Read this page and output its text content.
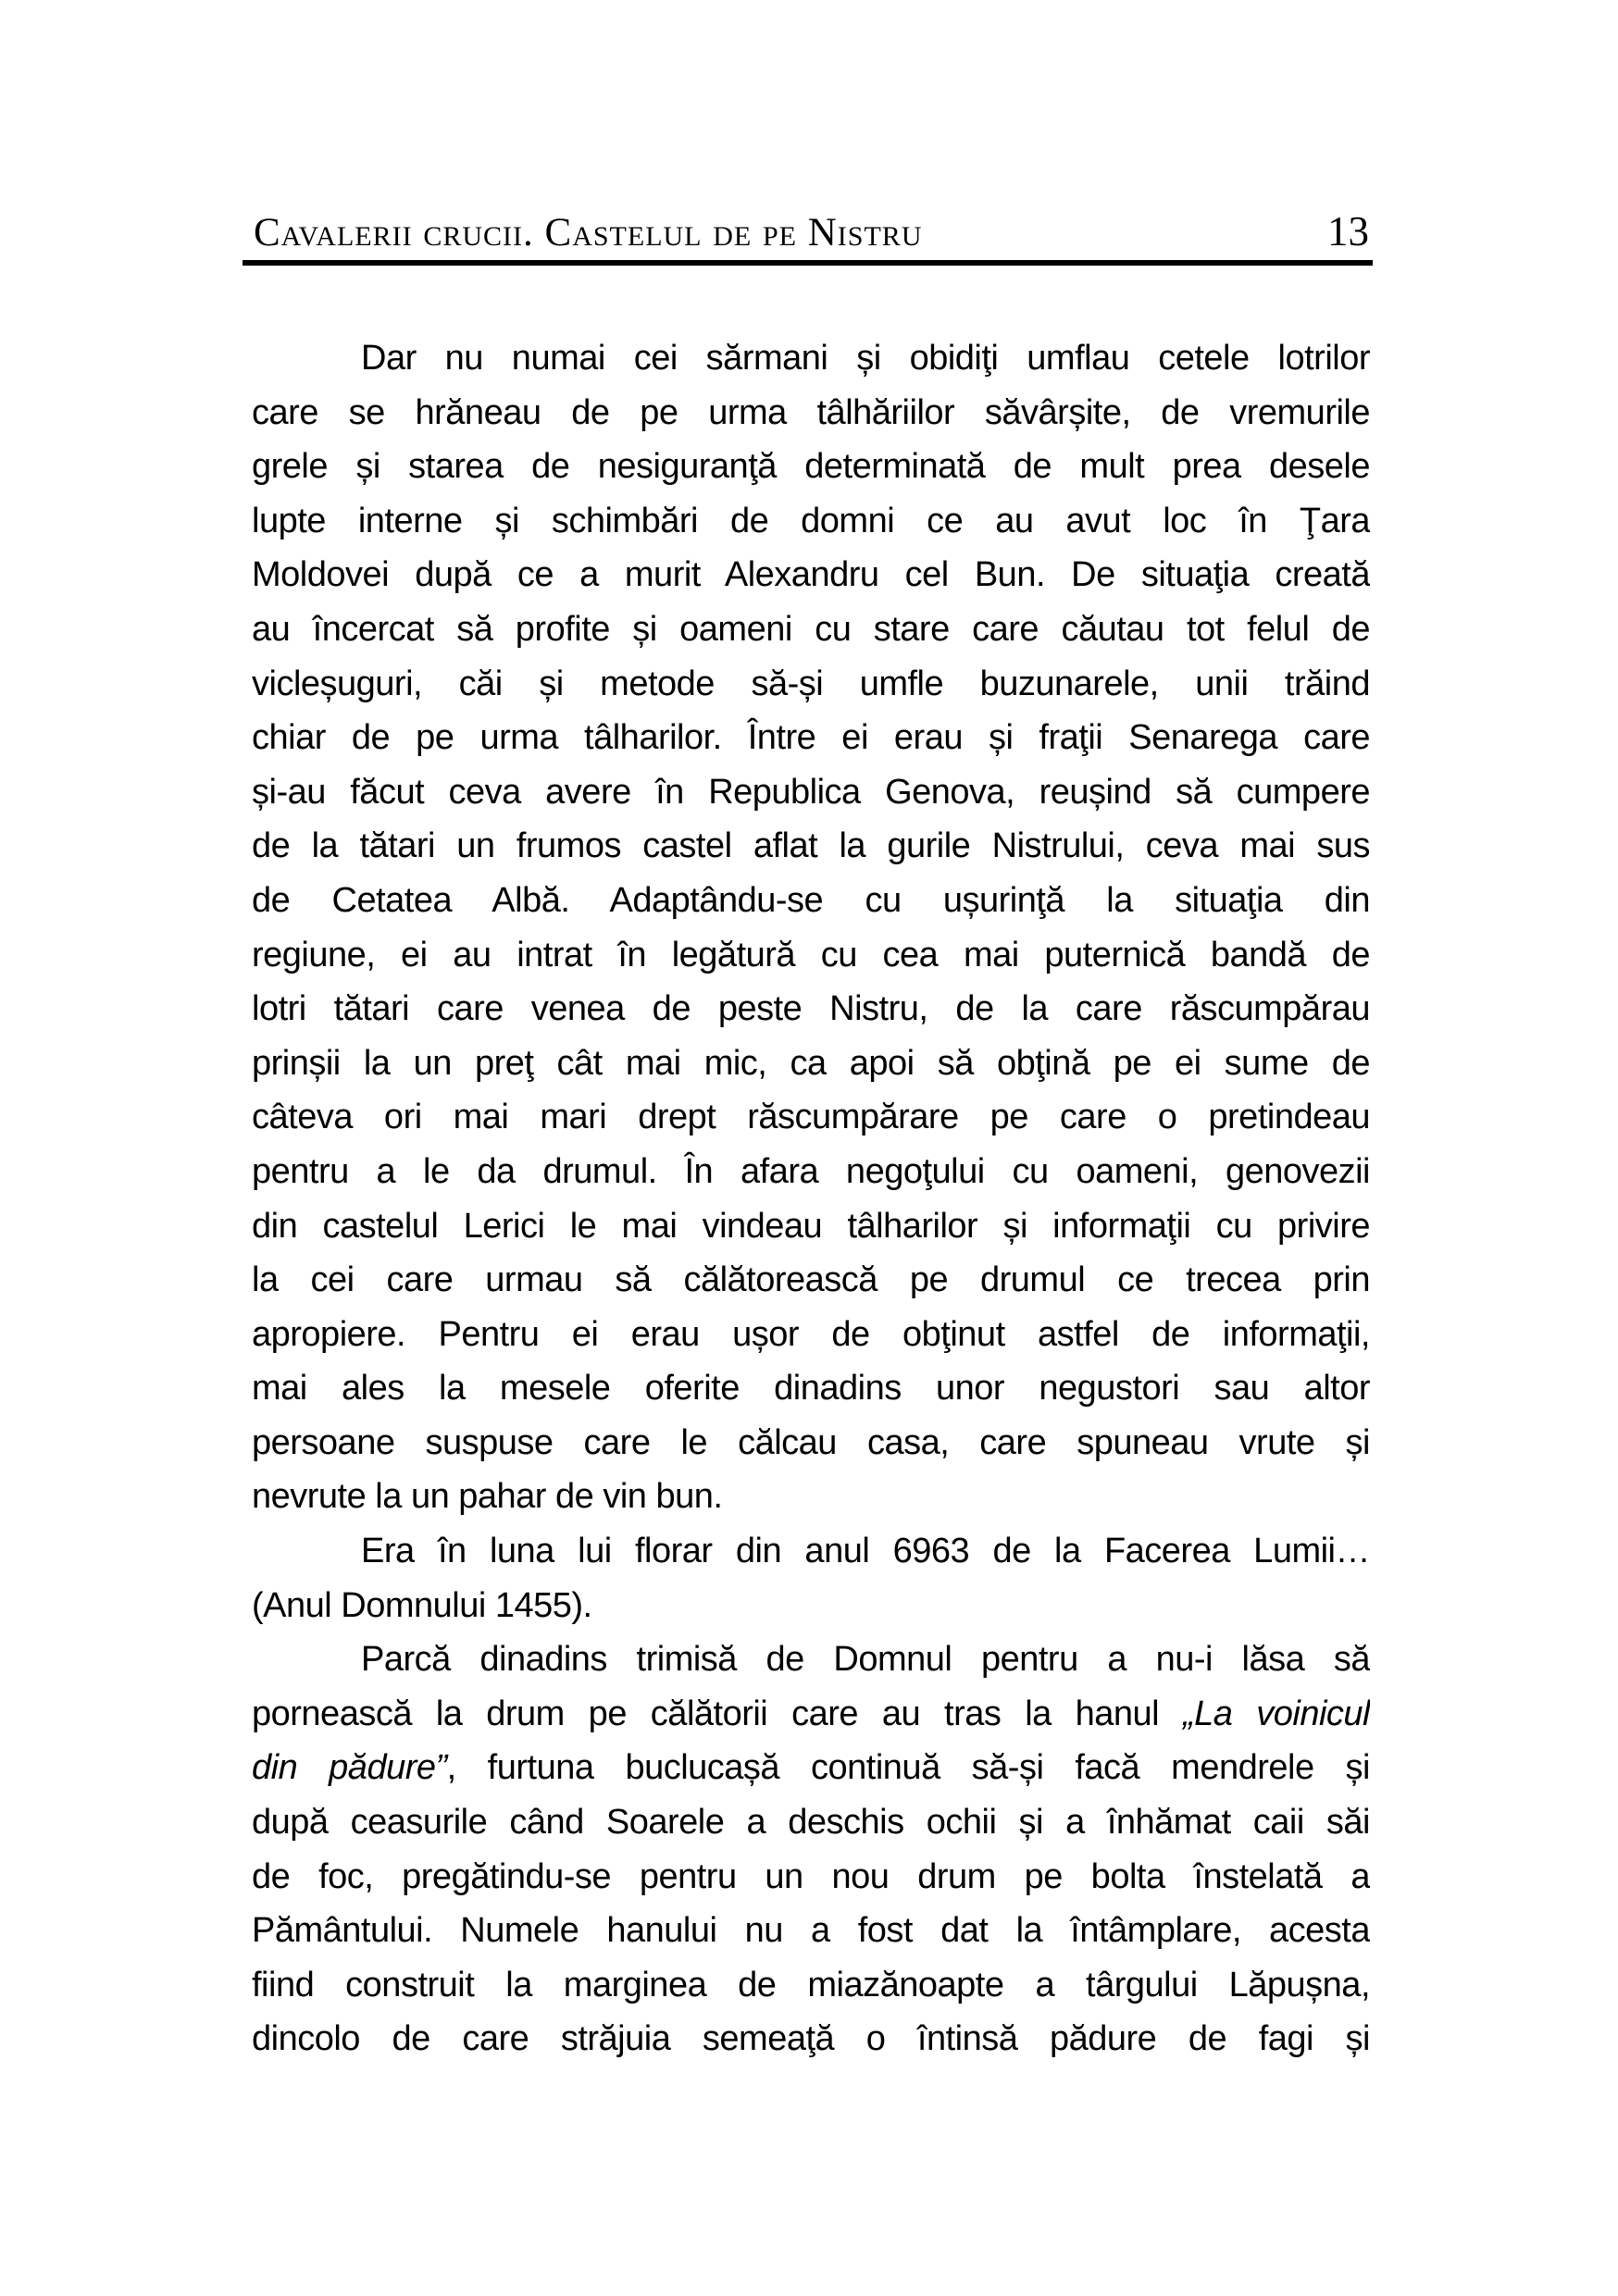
Cavalerii crucii. Castelul de pe Nistru	13
Dar nu numai cei sărmani și obidiţi umflau cetele lotrilor
care se hrăneau de pe urma tâlhăriilor săvârșite, de vremurile
grele și starea de nesiguranţă determinată de mult prea desele
lupte interne și schimbări de domni ce au avut loc în Ţara
Moldovei după ce a murit Alexandru cel Bun. De situaţia creată
au încercat să profite și oameni cu stare care căutau tot felul de
vicleșuguri, căi și metode să-și umfle buzunarele, unii trăind
chiar de pe urma tâlharilor. Între ei erau și fraţii Senarega care
și-au făcut ceva avere în Republica Genova, reușind să cumpere
de la tătari un frumos castel aflat la gurile Nistrului, ceva mai sus
de Cetatea Albă. Adaptându-se cu ușurinţă la situaţia din
regiune, ei au intrat în legătură cu cea mai puternică bandă de
lotri tătari care venea de peste Nistru, de la care răscumpărau
prinșii la un preţ cât mai mic, ca apoi să obţină pe ei sume de
câteva ori mai mari drept răscumpărare pe care o pretindeau
pentru a le da drumul. În afara negoţului cu oameni, genovezii
din castelul Lerici le mai vindeau tâlharilor și informaţii cu privire
la cei care urmau să călătorească pe drumul ce trecea prin
apropiere. Pentru ei erau ușor de obţinut astfel de informaţii,
mai ales la mesele oferite dinadins unor negustori sau altor
persoane suspuse care le călcau casa, care spuneau vrute și
nevrute la un pahar de vin bun.
Era în luna lui florar din anul 6963 de la Facerea Lumii…
(Anul Domnului 1455).
Parcă dinadins trimisă de Domnul pentru a nu-i lăsa să
pornească la drum pe călătorii care au tras la hanul „La voinicul
din pădure”, furtuna buclucașă continuă să-și facă mendrele și
după ceasurile când Soarele a deschis ochii și a înhămat caii săi
de foc, pregătindu-se pentru un nou drum pe bolta înstelată a
Pământului. Numele hanului nu a fost dat la întâmplare, acesta
fiind construit la marginea de miazănoapte a târgului Lăpușna,
dincolo de care străjuia semeaţă o întinsă pădure de fagi și
